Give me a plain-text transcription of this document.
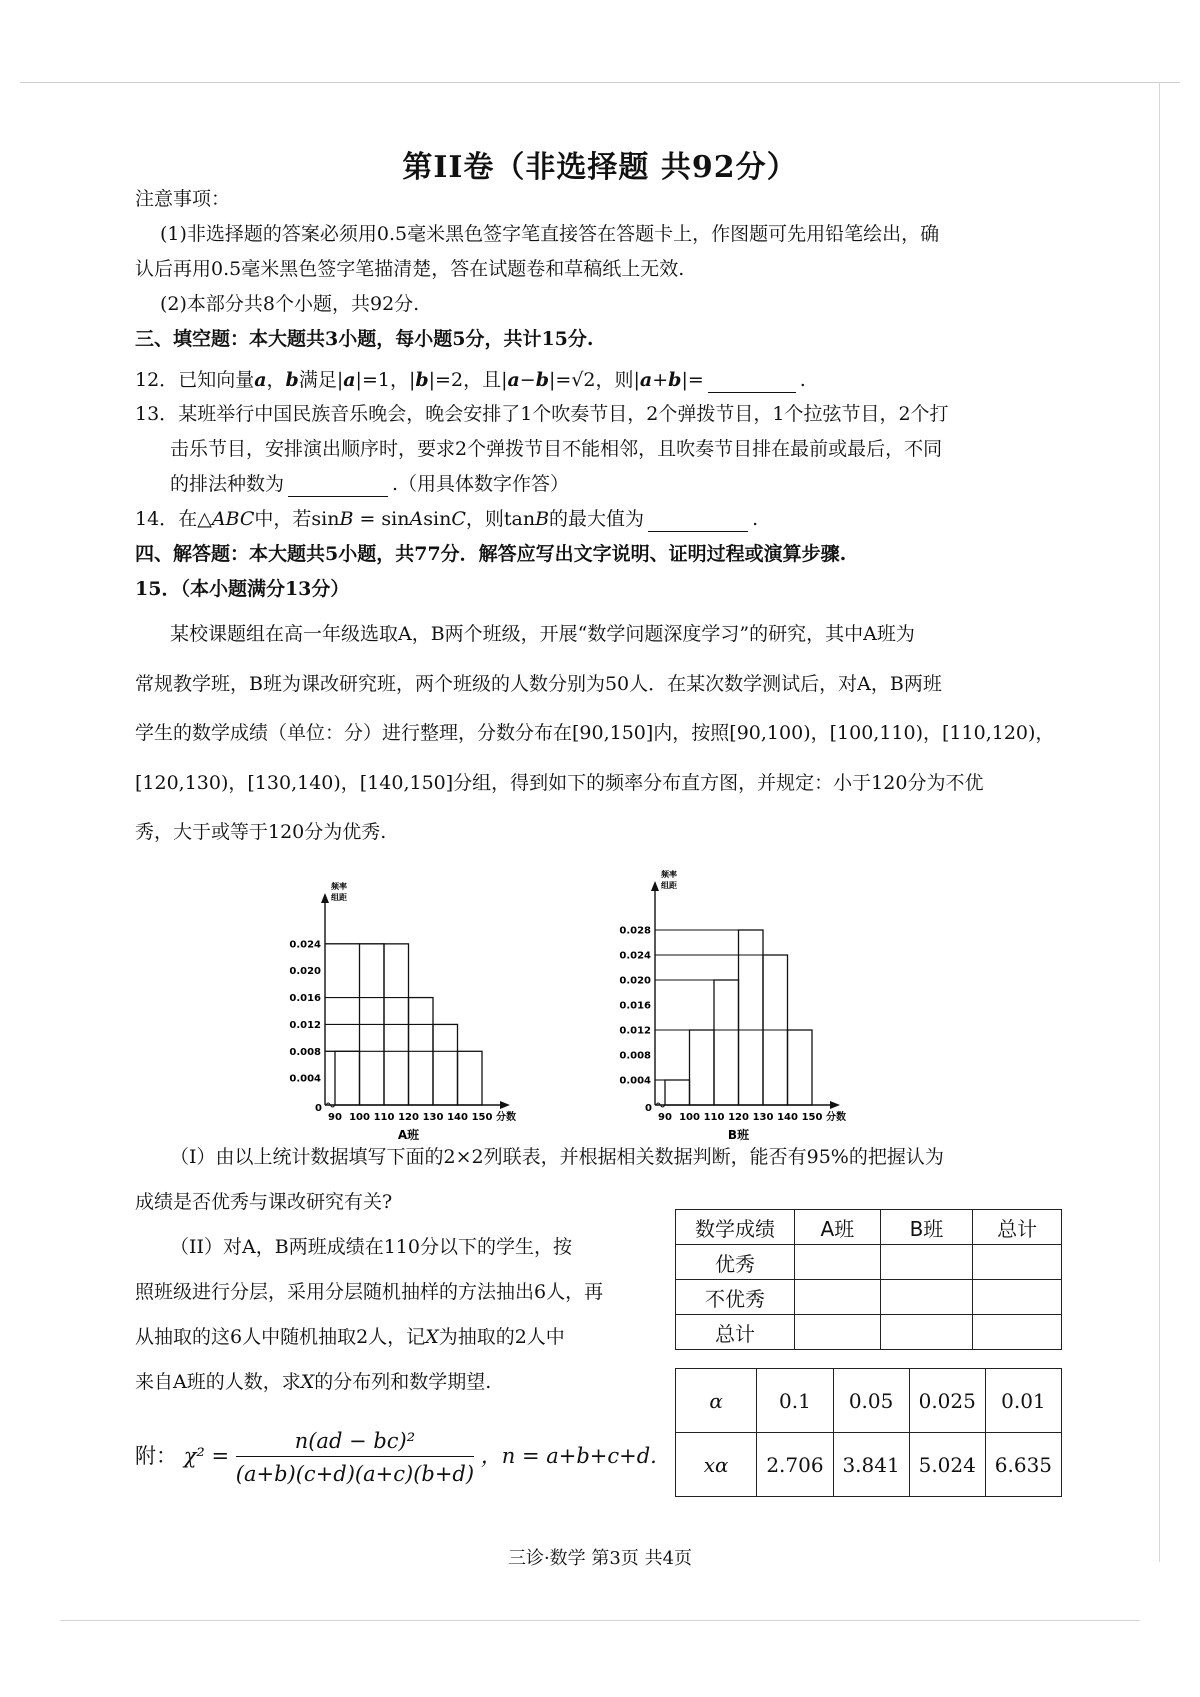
第II卷（非选择题 共92分）
注意事项：
(1)非选择题的答案必须用0.5毫米黑色签字笔直接答在答题卡上，作图题可先用铅笔绘出，确
认后再用0.5毫米黑色签字笔描清楚，答在试题卷和草稿纸上无效.
(2)本部分共8个小题，共92分.
三、填空题：本大题共3小题，每小题5分，共计15分.
12．已知向量a，b满足|a|=1，|b|=2，且|a−b|=√2，则|a+b|=	.
13．某班举行中国民族音乐晚会，晚会安排了1个吹奏节目，2个弹拨节目，1个拉弦节目，2个打
击乐节目，安排演出顺序时，要求2个弹拨节目不能相邻，且吹奏节目排在最前或最后，不同
的排法种数为	.（用具体数字作答）
14．在△ABC中，若sinB = sinAsinC，则tanB的最大值为	.
四、解答题：本大题共5小题，共77分．解答应写出文字说明、证明过程或演算步骤.
15．（本小题满分13分）
某校课题组在高一年级选取A，B两个班级，开展“数学问题深度学习”的研究，其中A班为
常规教学班，B班为课改研究班，两个班级的人数分别为50人．在某次数学测试后，对A，B两班
学生的数学成绩（单位：分）进行整理，分数分布在[90,150]内，按照[90,100)，[100,110)，[110,120)，
[120,130)，[130,140)，[140,150]分组，得到如下的频率分布直方图，并规定：小于120分为不优
秀，大于或等于120分为优秀.
频率
组距
0
0.004
0.008
0.012
0.016
0.020
0.024
90 100 110 120 130 140 150 分数
A班
频率
组距
0
0.004
0.008
0.012
0.016
0.020
0.024
0.028
90 100 110 120 130 140 150 分数
B班
（I）由以上统计数据填写下面的2×2列联表，并根据相关数据判断，能否有95%的把握认为
成绩是否优秀与课改研究有关?
（II）对A，B两班成绩在110分以下的学生，按
照班级进行分层，采用分层随机抽样的方法抽出6人，再
从抽取的这6人中随机抽取2人，记X为抽取的2人中
来自A班的人数，求X的分布列和数学期望.
附： $\chi^2 = \frac{\text{n(ad − bc)²}}{(a+b)(c+d)(a+c)(b+d)}$ ，n = a+b+c+d.
数学成绩	A班	B班	总计
优秀			
不优秀			
总计			
α	0.1	0.05	0.025	0.01
xα	2.706	3.841	5.024	6.635
三诊·数学 第3页 共4页
